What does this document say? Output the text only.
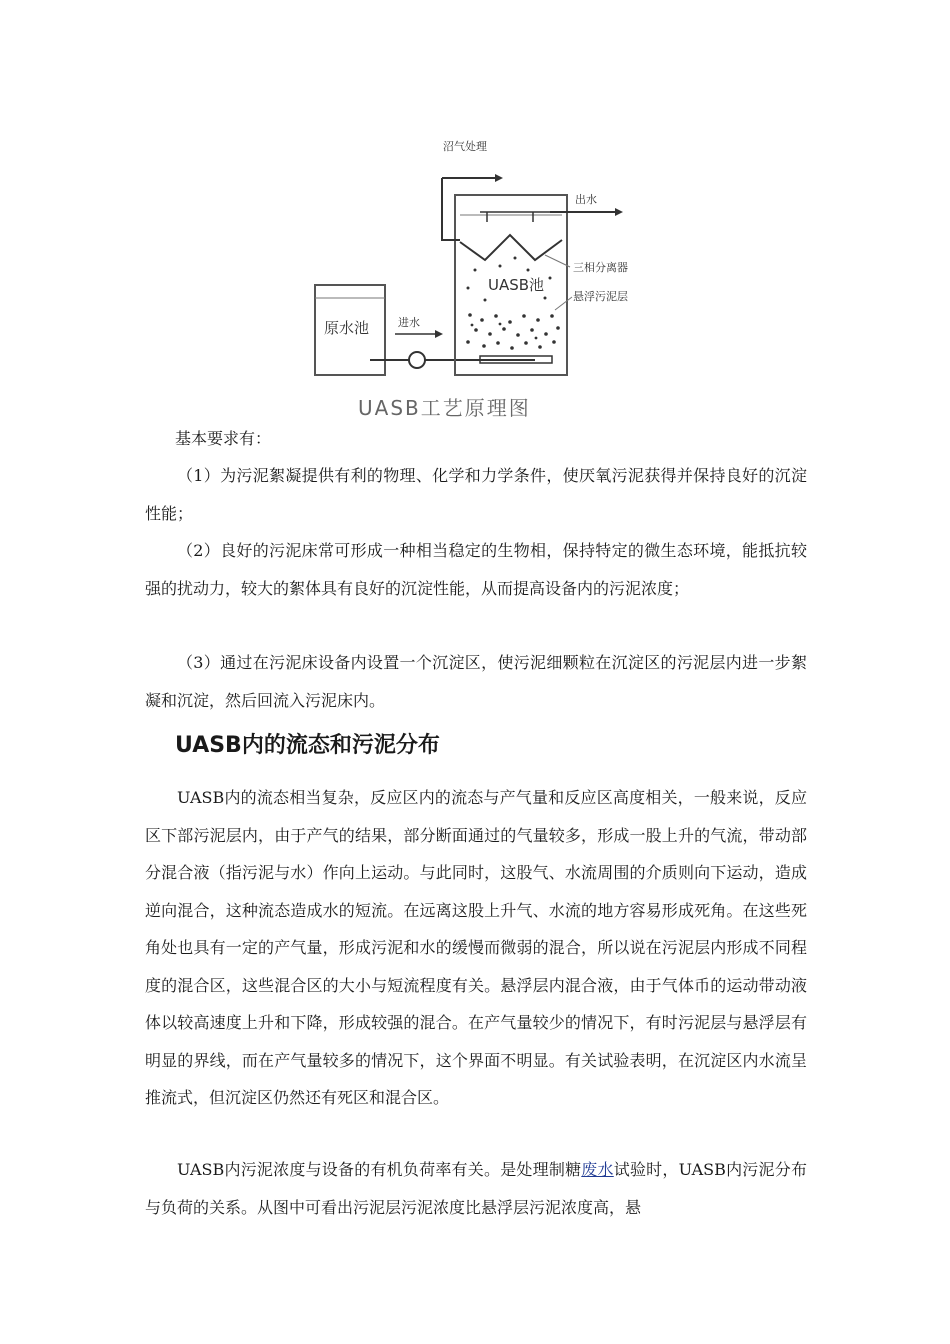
原水池	进水
沼气处理
出水
三相分离器
UASB池
悬浮污泥层
UASB工艺原理图

基本要求有：

（1）为污泥絮凝提供有利的物理、化学和力学条件，使厌氧污泥获得并保持良好的沉淀性能；

（2）良好的污泥床常可形成一种相当稳定的生物相，保持特定的微生态环境，能抵抗较强的扰动力，较大的絮体具有良好的沉淀性能，从而提高设备内的污泥浓度；

（3）通过在污泥床设备内设置一个沉淀区，使污泥细颗粒在沉淀区的污泥层内进一步絮凝和沉淀，然后回流入污泥床内。

UASB内的流态和污泥分布

UASB内的流态相当复杂，反应区内的流态与产气量和反应区高度相关，一般来说，反应区下部污泥层内，由于产气的结果，部分断面通过的气量较多，形成一股上升的气流，带动部分混合液（指污泥与水）作向上运动。与此同时，这股气、水流周围的介质则向下运动，造成逆向混合，这种流态造成水的短流。在远离这股上升气、水流的地方容易形成死角。在这些死角处也具有一定的产气量，形成污泥和水的缓慢而微弱的混合，所以说在污泥层内形成不同程度的混合区，这些混合区的大小与短流程度有关。悬浮层内混合液，由于气体币的运动带动液体以较高速度上升和下降，形成较强的混合。在产气量较少的情况下，有时污泥层与悬浮层有明显的界线，而在产气量较多的情况下，这个界面不明显。有关试验表明，在沉淀区内水流呈推流式，但沉淀区仍然还有死区和混合区。

UASB内污泥浓度与设备的有机负荷率有关。是处理制糖废水试验时，UASB内污泥分布与负荷的关系。从图中可看出污泥层污泥浓度比悬浮层污泥浓度高，悬
